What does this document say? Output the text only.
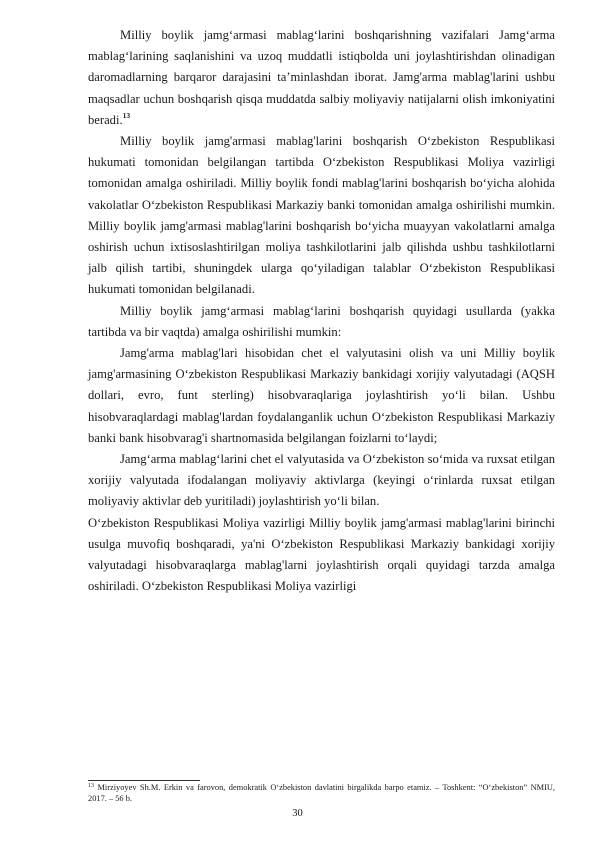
Milliy boylik jamg‘armasi mablag‘larini boshqarishning vazifalari Jamg‘arma mablag‘larining saqlanishini va uzoq muddatli istiqbolda uni joylashtirishdan olinadigan daromadlarning barqaror darajasini ta’minlashdan iborat. Jamg'arma mablag'larini ushbu maqsadlar uchun boshqarish qisqa muddatda salbiy moliyaviy natijalarni olish imkoniyatini beradi.$^{13}$

Milliy boylik jamg'armasi mablag'larini boshqarish O‘zbekiston Respublikasi hukumati tomonidan belgilangan tartibda O‘zbekiston Respublikasi Moliya vazirligi tomonidan amalga oshiriladi. Milliy boylik fondi mablag'larini boshqarish bo‘yicha alohida vakolatlar O‘zbekiston Respublikasi Markaziy banki tomonidan amalga oshirilishi mumkin. Milliy boylik jamg'armasi mablag'larini boshqarish bo‘yicha muayyan vakolatlarni amalga oshirish uchun ixtisoslashtirilgan moliya tashkilotlarini jalb qilishda ushbu tashkilotlarni jalb qilish tartibi, shuningdek ularga qo‘yiladigan talablar O‘zbekiston Respublikasi hukumati tomonidan belgilanadi.

Milliy boylik jamg‘armasi mablag‘larini boshqarish quyidagi usullarda (yakka tartibda va bir vaqtda) amalga oshirilishi mumkin:

Jamg'arma mablag'lari hisobidan chet el valyutasini olish va uni Milliy boylik jamg'armasining O‘zbekiston Respublikasi Markaziy bankidagi xorijiy valyutadagi (AQSH dollari, evro, funt sterling) hisobvaraqlariga joylashtirish yo‘li bilan. Ushbu hisobvaraqlardagi mablag'lardan foydalanganlik uchun O‘zbekiston Respublikasi Markaziy banki bank hisobvarag'i shartnomasida belgilangan foizlarni to‘laydi;

Jamg‘arma mablag‘larini chet el valyutasida va O‘zbekiston so‘mida va ruxsat etilgan xorijiy valyutada ifodalangan moliyaviy aktivlarga (keyingi o‘rinlarda ruxsat etilgan moliyaviy aktivlar deb yuritiladi) joylashtirish yo‘li bilan.

O‘zbekiston Respublikasi Moliya vazirligi Milliy boylik jamg'armasi mablag'larini birinchi usulga muvofiq boshqaradi, ya'ni O‘zbekiston Respublikasi Markaziy bankidagi xorijiy valyutadagi hisobvaraqlarga mablag'larni joylashtirish orqali quyidagi tarzda amalga oshiriladi. O‘zbekiston Respublikasi Moliya vazirligi

$^{13}$ Mirziyoyev Sh.M. Erkin va farovon, demokratik O‘zbekiston davlatini birgalikda barpo etamiz. – Toshkent: “O‘zbekiston” NMIU, 2017. – 56 b.

30
